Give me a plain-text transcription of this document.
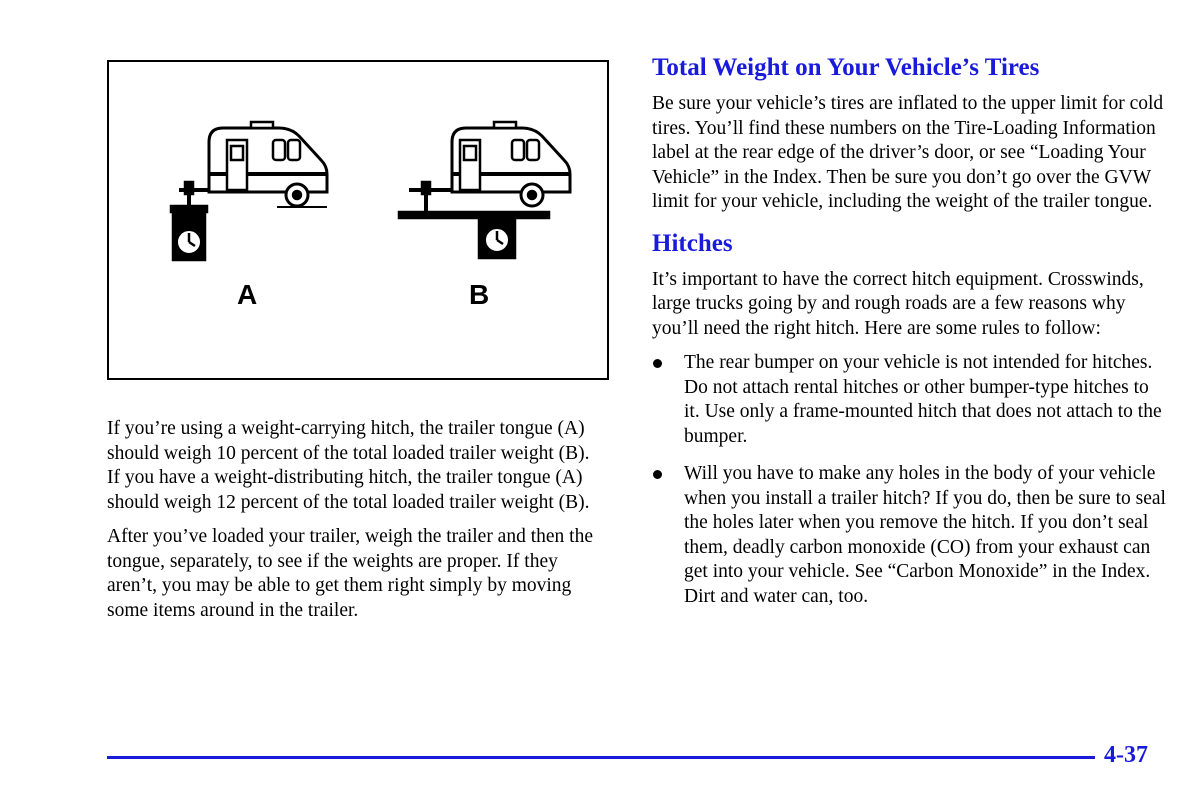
A	B

If you’re using a weight-carrying hitch, the trailer tongue (A) should weigh 10 percent of the total loaded trailer weight (B). If you have a weight-distributing hitch, the trailer tongue (A) should weigh 12 percent of the total loaded trailer weight (B).

After you’ve loaded your trailer, weigh the trailer and then the tongue, separately, to see if the weights are proper. If they aren’t, you may be able to get them right simply by moving some items around in the trailer.

Total Weight on Your Vehicle’s Tires

Be sure your vehicle’s tires are inflated to the upper limit for cold tires. You’ll find these numbers on the Tire-Loading Information label at the rear edge of the driver’s door, or see “Loading Your Vehicle” in the Index. Then be sure you don’t go over the GVW limit for your vehicle, including the weight of the trailer tongue.

Hitches

It’s important to have the correct hitch equipment. Crosswinds, large trucks going by and rough roads are a few reasons why you’ll need the right hitch. Here are some rules to follow:

The rear bumper on your vehicle is not intended for hitches. Do not attach rental hitches or other bumper-type hitches to it. Use only a frame-mounted hitch that does not attach to the bumper.
Will you have to make any holes in the body of your vehicle when you install a trailer hitch? If you do, then be sure to seal the holes later when you remove the hitch. If you don’t seal them, deadly carbon monoxide (CO) from your exhaust can get into your vehicle. See “Carbon Monoxide” in the Index. Dirt and water can, too.
4-37
